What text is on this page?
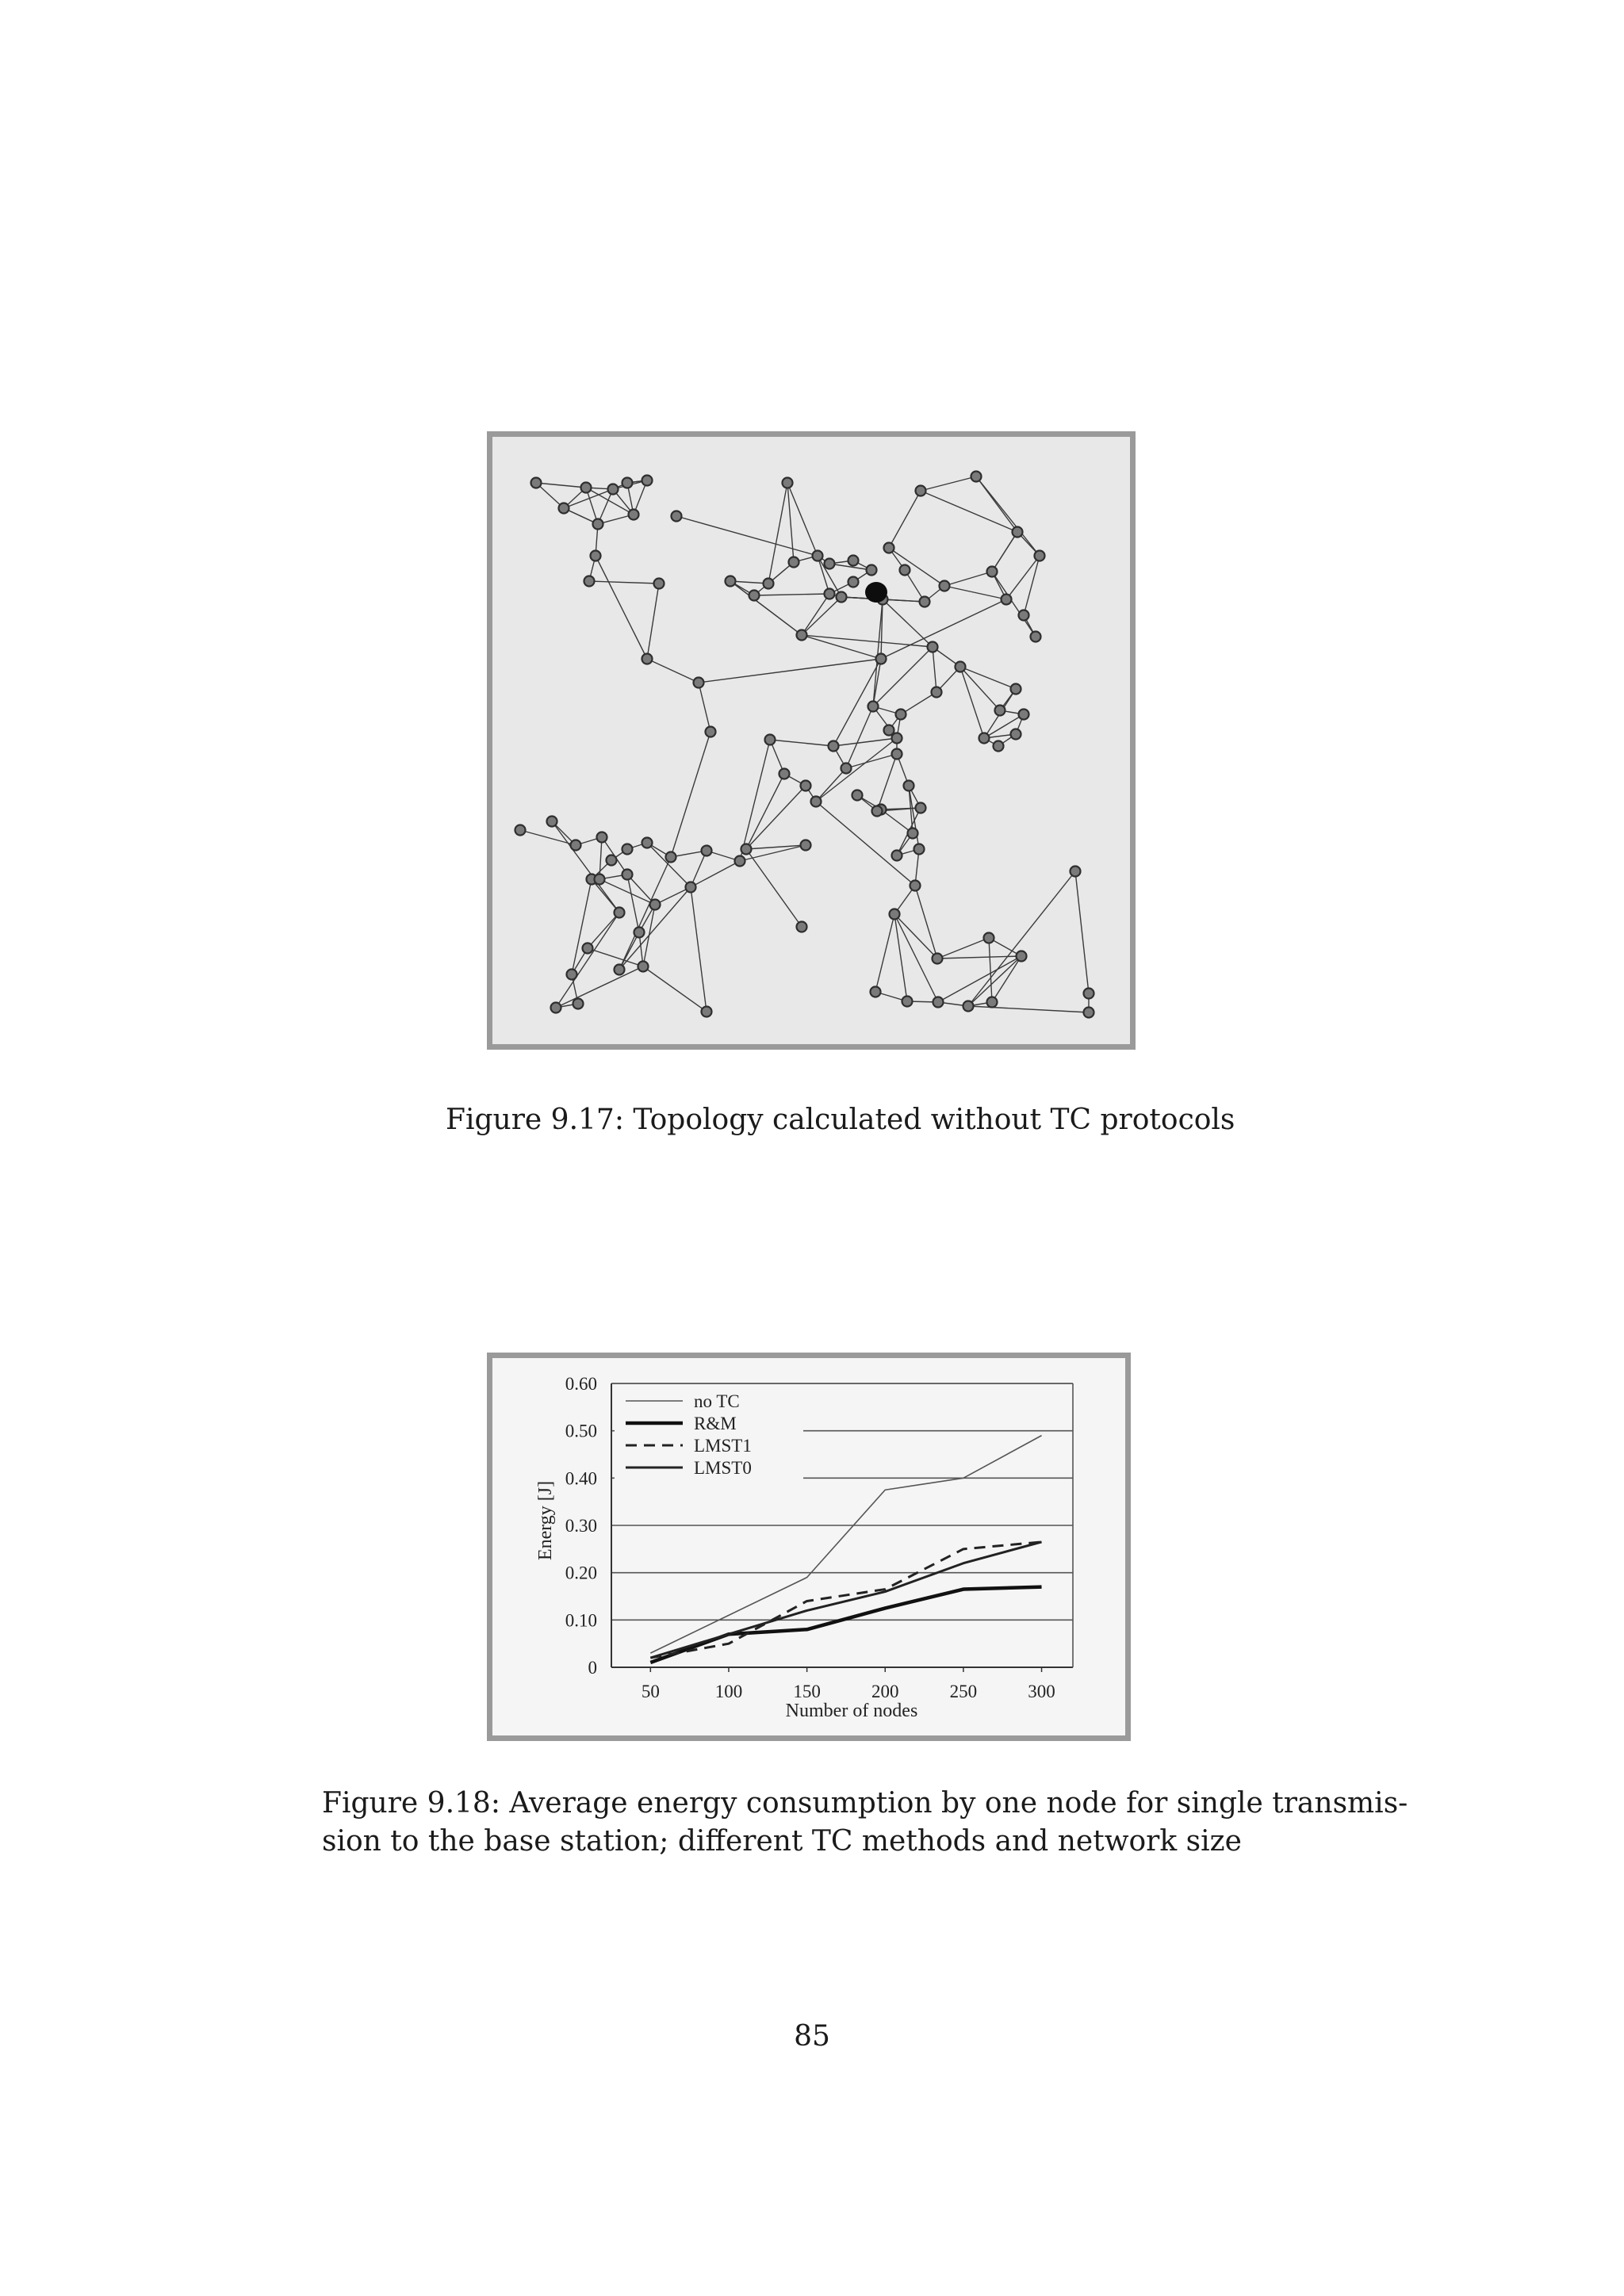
Figure 9.17: Topology calculated without TC protocols
0
0.10
0.20
0.30
0.40
0.50
0.60
50	100	150	200	250	300
no TC
R&M
LMST1
LMST0
Number of nodes
Energy [J]
Figure 9.18: Average energy consumption by one node for single transmis-
sion to the base station; different TC methods and network size
85
